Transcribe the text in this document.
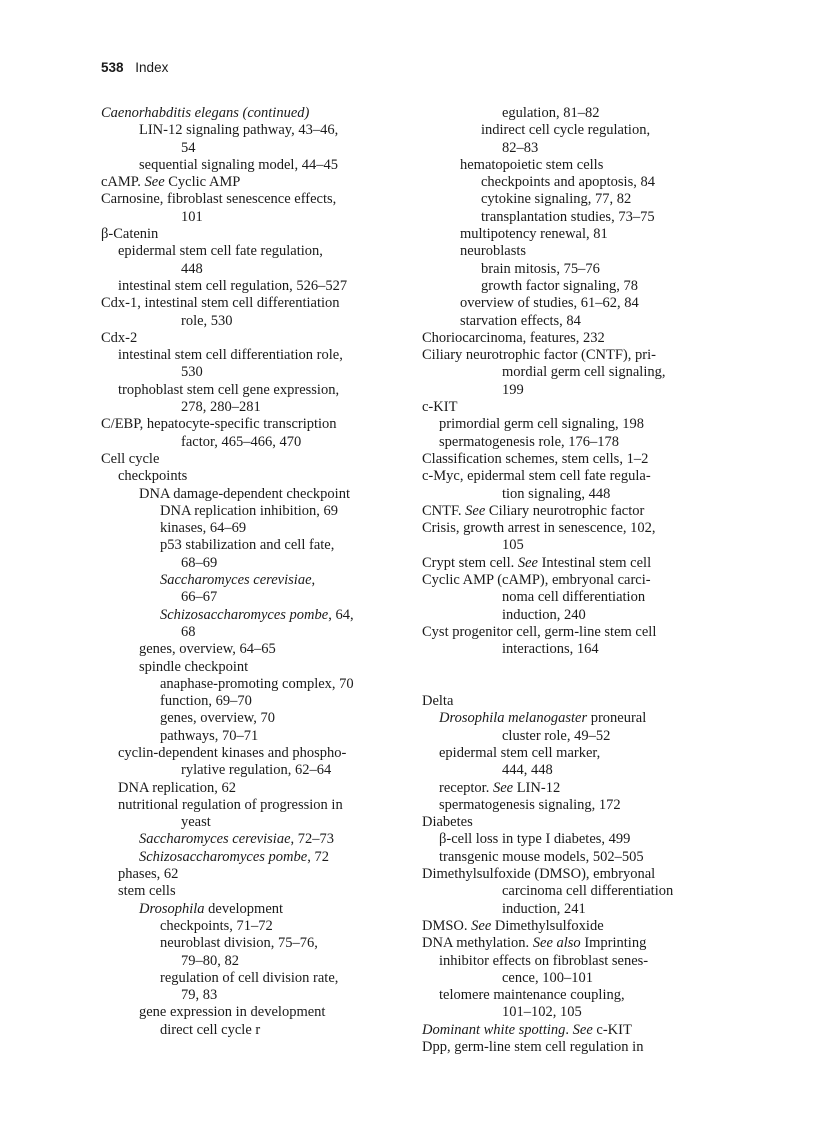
538 Index
Caenorhabditis elegans (continued)
LIN-12 signaling pathway, 43–46,
54
sequential signaling model, 44–45
cAMP. See Cyclic AMP
Carnosine, fibroblast senescence effects,
101
β-Catenin
epidermal stem cell fate regulation,
448
intestinal stem cell regulation, 526–527
Cdx-1, intestinal stem cell differentiation
role, 530
Cdx-2
intestinal stem cell differentiation role,
530
trophoblast stem cell gene expression,
278, 280–281
C/EBP, hepatocyte-specific transcription
factor, 465–466, 470
Cell cycle
checkpoints
DNA damage-dependent checkpoint
DNA replication inhibition, 69
kinases, 64–69
p53 stabilization and cell fate,
68–69
Saccharomyces cerevisiae,
66–67
Schizosaccharomyces pombe, 64,
68
genes, overview, 64–65
spindle checkpoint
anaphase-promoting complex, 70
function, 69–70
genes, overview, 70
pathways, 70–71
cyclin-dependent kinases and phospho-
rylative regulation, 62–64
DNA replication, 62
nutritional regulation of progression in
yeast
Saccharomyces cerevisiae, 72–73
Schizosaccharomyces pombe, 72
phases, 62
stem cells
Drosophila development
checkpoints, 71–72
neuroblast division, 75–76,
79–80, 82
regulation of cell division rate,
79, 83
gene expression in development
direct cell cycle r
egulation, 81–82
indirect cell cycle regulation,
82–83
hematopoietic stem cells
checkpoints and apoptosis, 84
cytokine signaling, 77, 82
transplantation studies, 73–75
multipotency renewal, 81
neuroblasts
brain mitosis, 75–76
growth factor signaling, 78
overview of studies, 61–62, 84
starvation effects, 84
Choriocarcinoma, features, 232
Ciliary neurotrophic factor (CNTF), pri-
mordial germ cell signaling,
199
c-KIT
primordial germ cell signaling, 198
spermatogenesis role, 176–178
Classification schemes, stem cells, 1–2
c-Myc, epidermal stem cell fate regula-
tion signaling, 448
CNTF. See Ciliary neurotrophic factor
Crisis, growth arrest in senescence, 102,
105
Crypt stem cell. See Intestinal stem cell
Cyclic AMP (cAMP), embryonal carci-
noma cell differentiation
induction, 240
Cyst progenitor cell, germ-line stem cell
interactions, 164
Delta
Drosophila melanogaster proneural
cluster role, 49–52
epidermal stem cell marker,
444, 448
receptor. See LIN-12
spermatogenesis signaling, 172
Diabetes
β-cell loss in type I diabetes, 499
transgenic mouse models, 502–505
Dimethylsulfoxide (DMSO), embryonal
carcinoma cell differentiation
induction, 241
DMSO. See Dimethylsulfoxide
DNA methylation. See also Imprinting
inhibitor effects on fibroblast senes-
cence, 100–101
telomere maintenance coupling,
101–102, 105
Dominant white spotting. See c-KIT
Dpp, germ-line stem cell regulation in
